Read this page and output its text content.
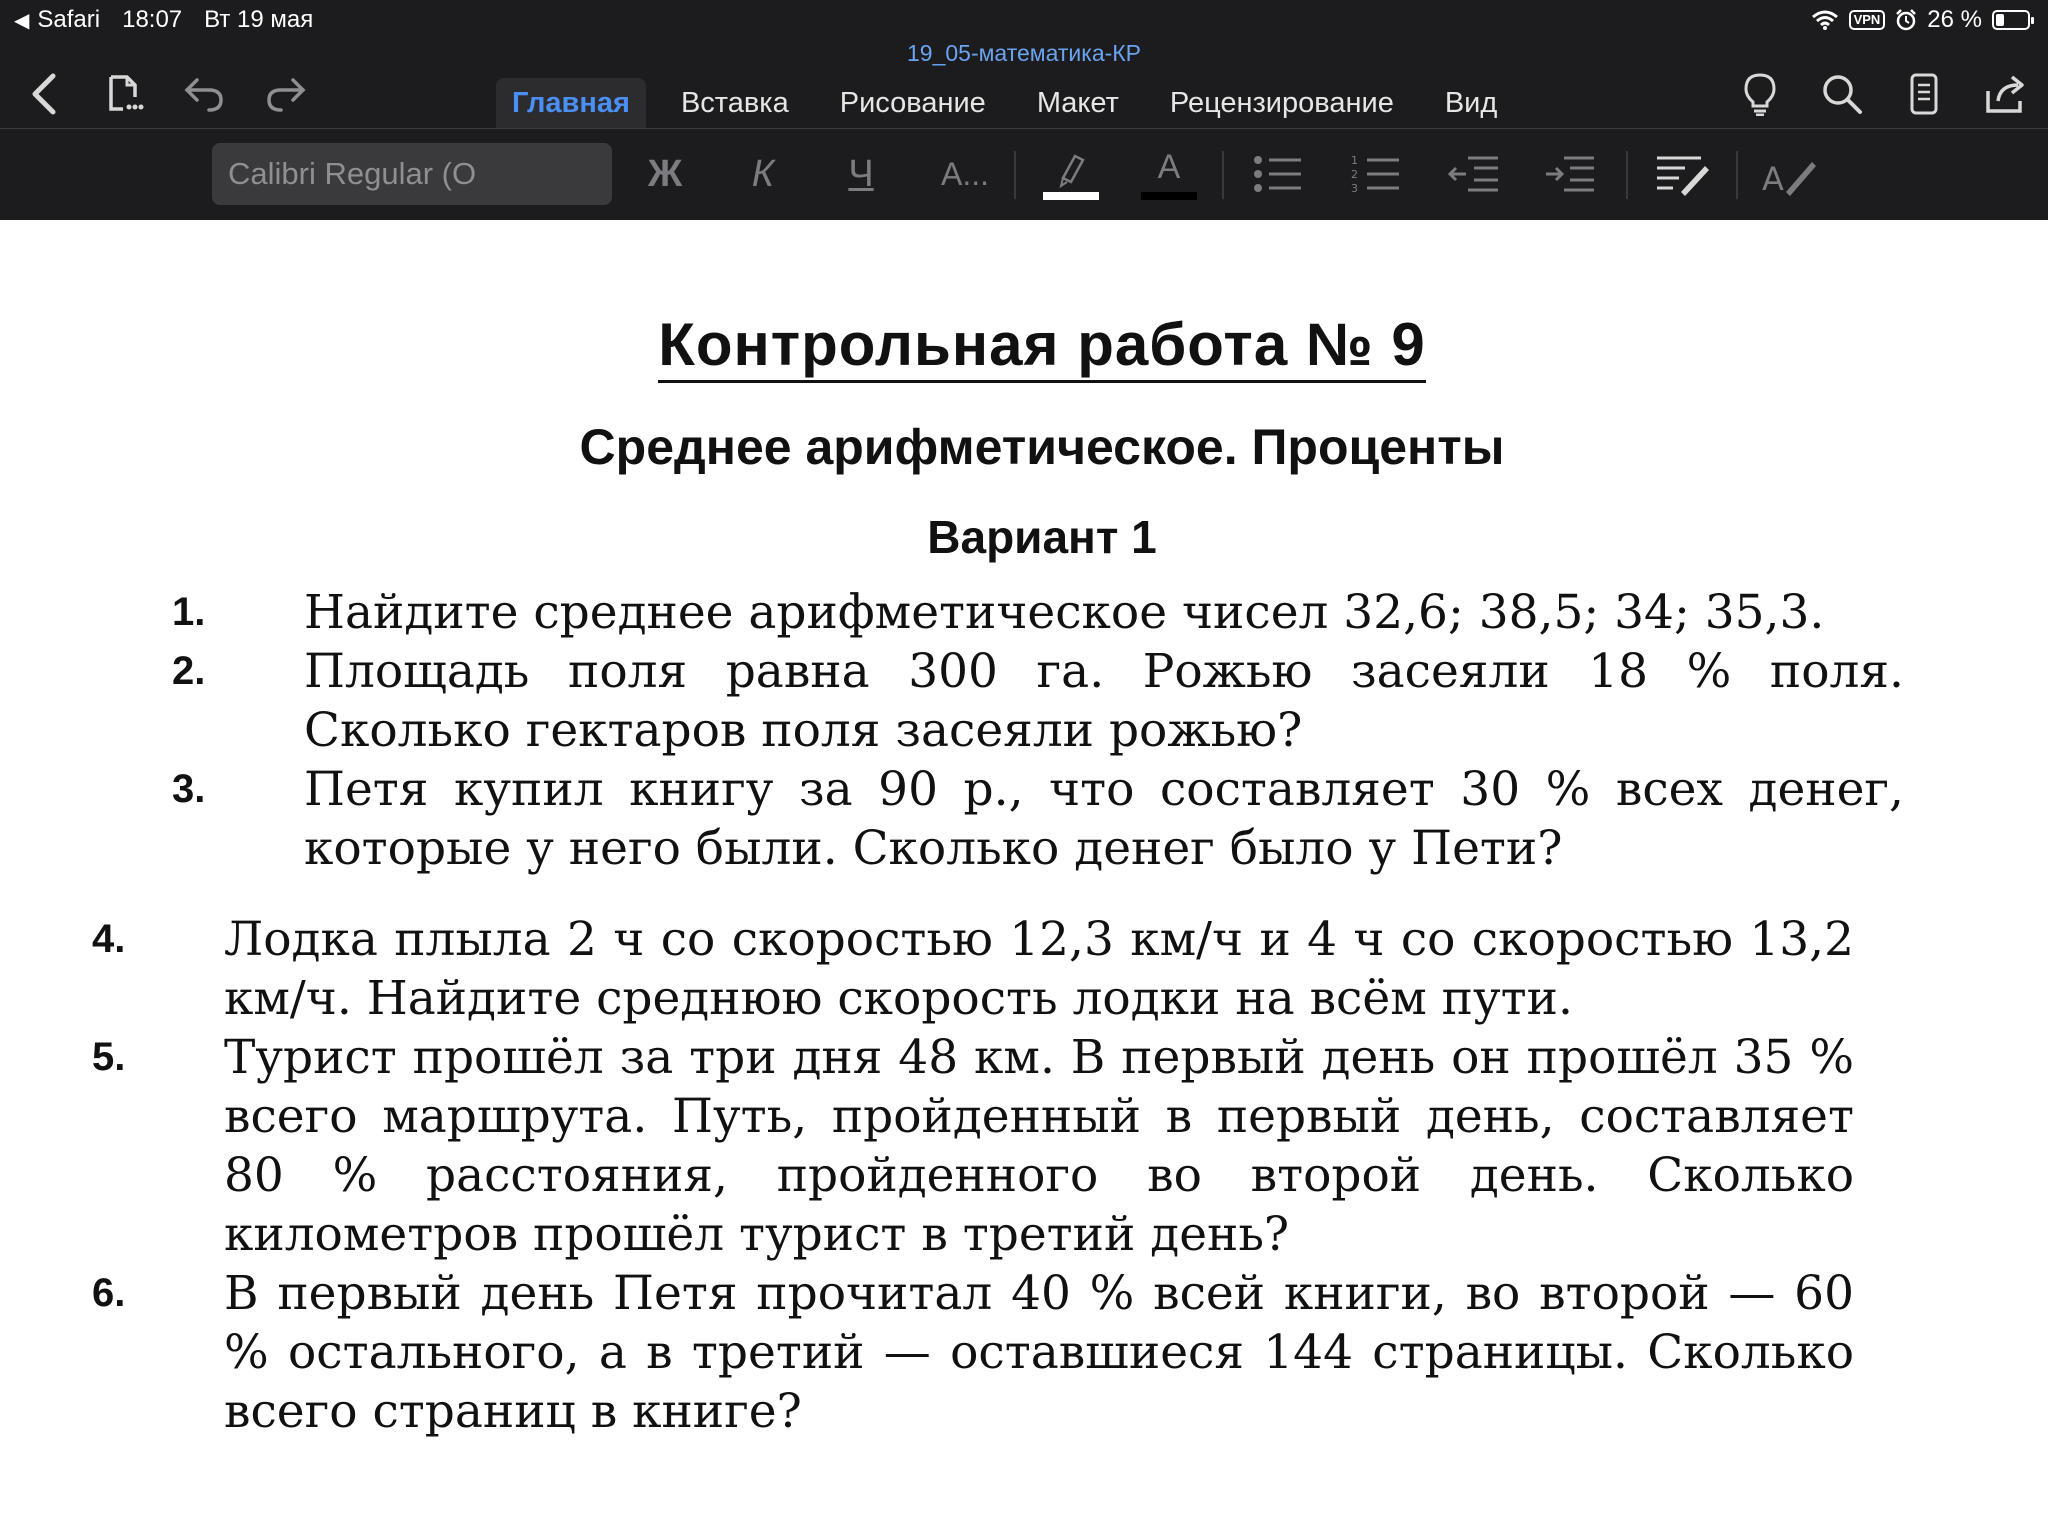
◀ Safari 18:07 Вт 19 мая	VPN 26 %
19_05-математика-КР
Главная	Вставка	Рисование	Макет	Рецензирование	Вид
Calibri Regular (О	Ж	К	Ч	A...	A	1
2
3	A
Контрольная работа № 9
Среднее арифметическое. Проценты
Вариант 1
1. Найдите среднее арифметическое чисел 32,6; 38,5; 34; 35,3.
2. Площадь поля равна 300 га. Рожью засеяли 18 % поля. Сколько гектаров поля засеяли рожью?
3. Петя купил книгу за 90 р., что составляет 30 % всех денег, которые у него были. Сколько денег было у Пети?
4. Лодка плыла 2 ч со скоростью 12,3 км/ч и 4 ч со скоростью 13,2 км/ч. Найдите среднюю скорость лодки на всём пути.
5. Турист прошёл за три дня 48 км. В первый день он прошёл 35 % всего маршрута. Путь, пройденный в первый день, составляет 80 % расстояния, пройденного во второй день. Сколько километров прошёл турист в третий день?
6. В первый день Петя прочитал 40 % всей книги, во второй — 60 % остального, а в третий — оставшиеся 144 страницы. Сколько всего страниц в книге?
